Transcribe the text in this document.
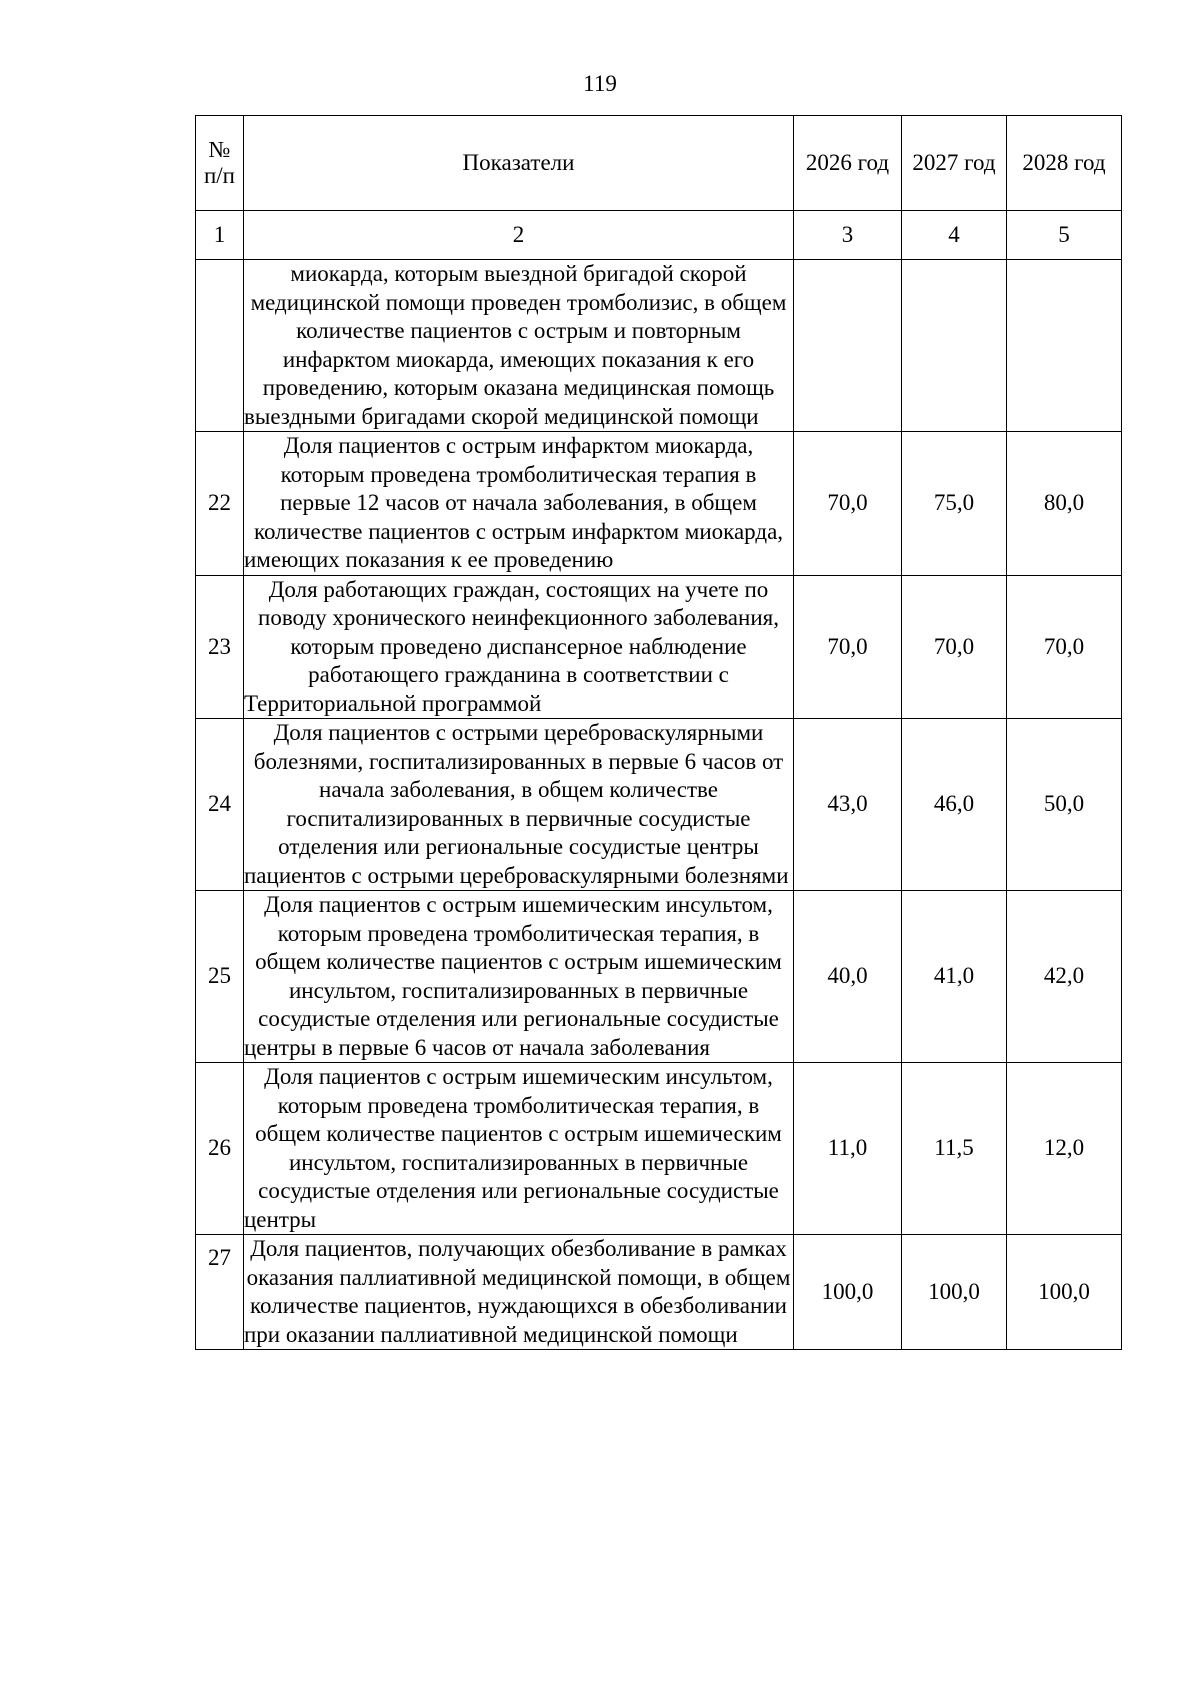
119
№
п/п	Показатели	2026 год	2027 год	2028 год
1	2	3	4	5
	миокарда, которым выездной бригадой скорой медицинской помощи проведен тромболизис, в общем количестве пациентов с острым и повторным инфарктом миокарда, имеющих показания к его проведению, которым оказана медицинская помощь выездными бригадами скорой медицинской помощи			
22	Доля пациентов с острым инфарктом миокарда, которым проведена тромболитическая терапия в первые 12 часов от начала заболевания, в общем количестве пациентов с острым инфарктом миокарда, имеющих показания к ее проведению	70,0	75,0	80,0
23	Доля работающих граждан, состоящих на учете по поводу хронического неинфекционного заболевания, которым проведено диспансерное наблюдение работающего гражданина в соответствии с Территориальной программой	70,0	70,0	70,0
24	Доля пациентов с острыми цереброваскулярными болезнями, госпитализированных в первые 6 часов от начала заболевания, в общем количестве госпитализированных в первичные сосудистые отделения или региональные сосудистые центры пациентов с острыми цереброваскулярными болезнями	43,0	46,0	50,0
25	Доля пациентов с острым ишемическим инсультом, которым проведена тромболитическая терапия, в общем количестве пациентов с острым ишемическим инсультом, госпитализированных в первичные сосудистые отделения или региональные сосудистые центры в первые 6 часов от начала заболевания	40,0	41,0	42,0
26	Доля пациентов с острым ишемическим инсультом, которым проведена тромболитическая терапия, в общем количестве пациентов с острым ишемическим инсультом, госпитализированных в первичные сосудистые отделения или региональные сосудистые центры	11,0	11,5	12,0
27	Доля пациентов, получающих обезболивание в рамках оказания паллиативной медицинской помощи, в общем количестве пациентов, нуждающихся в обезболивании при оказании паллиативной медицинской помощи	100,0	100,0	100,0
